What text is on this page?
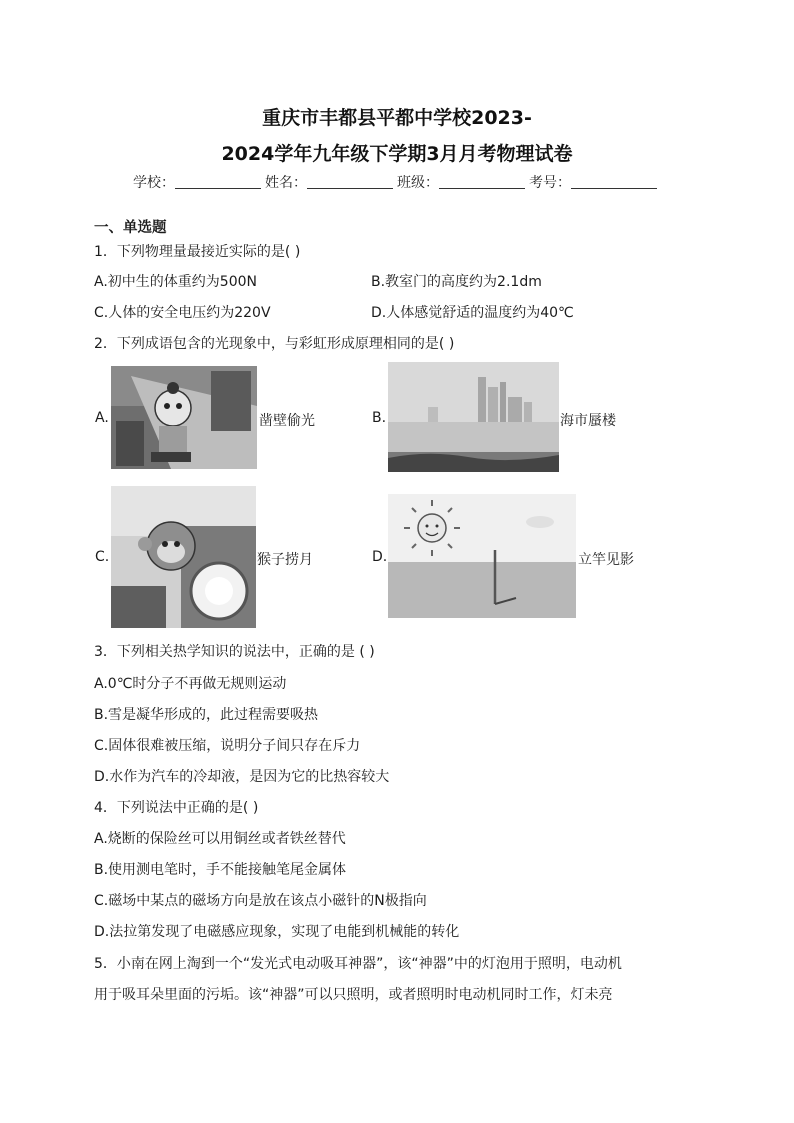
重庆市丰都县平都中学校2023-
2024学年九年级下学期3月月考物理试卷
学校：	姓名：	班级：	考号：
一、单选题
1．下列物理量最接近实际的是( )
A.初中生的体重约为500N	B.教室门的高度约为2.1dm
C.人体的安全电压约为220V	D.人体感觉舒适的温度约为40℃
2．下列成语包含的光现象中，与彩虹形成原理相同的是( )
A.	凿壁偷光	B.	海市蜃楼
C.	猴子捞月	D.	立竿见影
3．下列相关热学知识的说法中，正确的是 ( )
A.0℃时分子不再做无规则运动
B.雪是凝华形成的，此过程需要吸热
C.固体很难被压缩，说明分子间只存在斥力
D.水作为汽车的冷却液，是因为它的比热容较大
4．下列说法中正确的是( )
A.烧断的保险丝可以用铜丝或者铁丝替代
B.使用测电笔时，手不能接触笔尾金属体
C.磁场中某点的磁场方向是放在该点小磁针的N极指向
D.法拉第发现了电磁感应现象，实现了电能到机械能的转化
5．小南在网上淘到一个“发光式电动吸耳神器”，该“神器”中的灯泡用于照明，电动机
用于吸耳朵里面的污垢。该“神器”可以只照明，或者照明时电动机同时工作，灯未亮
